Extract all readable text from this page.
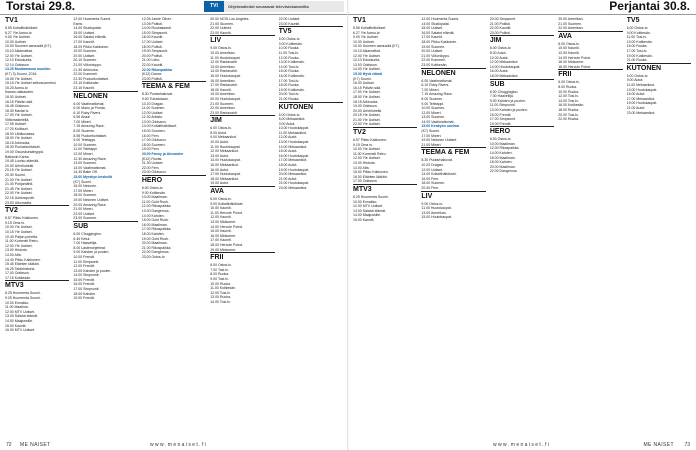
Torstai 29.8.	TVI	Ohjelmatiedot seuraavat televisiokanavilta
TV1
5.55 Kotiaifinäkökset.
6.27 Yle Aamu-tv.
9.00 Yle Uutiset.
10.00 Uutiset.
10.00 Suomen aamusää (KT).
10.10 Aikamatkat.
12.00 Yle Uutiset.
12.10 Eduskunta.
12.14 Oddsson.
13.25 Muutamassa muutkin
(K7) 3) Suomi, 2016.
15.05 Yle Uutiset.
15.15 Yle Uutiset selkosuomeksi.
15.20 Aamu-tv.
Ihanan rakkauden.
16.00 Uutiset.
16.15 Päivän sää.
16.45 Oddsson.
16.30 Martat tv.
17.00 Yle Uutiset.
Viittomakielellä.
17.05 Uutiset.
17.20 Kulttuuri.
18.00 Lähikuvassa.
18.00 Yle Uutiset.
18.15 Arkiruoka.
18.30 Puoluekohtaiset.
19.00 Osuuskuntahyppä.
Balkanin Karsa.
19.45 Luonto-elämää.
20.00 Urheiluhetki.
20.15 Yle Uutiset.
20.30 Suomi.
21.00 Yle Uutiset.
21.30 Pohjantähti.
21.45 Yle Uutiset.
22.00 Yle Uutiset.
22.15 Uutisraportti.
23.00 Ulkomailta.
TV2
6.57 Pikku Kakkonen.
9.15 Oma tv.
10.00 Yle Uutiset.
10.15 Yle Uutiset.
10.40 Paljon puhetta.
11.00 Kummeli Retro.
12.00 Yle Uutiset.
13.00 Historia.
14.00 Alfa.
14.40 Pikku Kakkonen.
15.45 Eläinten lääkäri.
16.25 Taidehistoria.
17.00 Oddsson.
17.15 Kotikesän.
MTV3
6.25 Huomenta Suomi.
9.25 Huomenta Suomi.
10.00 Ennakko.
11.00 Maailma.
12.00 MTV Uutiset.
13.00 Salatut elämät.
14.00 Maajussille.
15.00 Kauniit.
16.00 MTV Uutiset.
12.00 Huomenta Suomi.
Esms.
14.00 Studiopalat.
15.00 Uutiset.
16.00 Salatut elämät.
17.00 Kauniit.
18.00 Pikku Kakkonen.
19.00 Suomen.
20.00 Uutiset.
20.10 Suomen.
21.00 Viikonloppu.
21.30 Arkiruoka.
22.00 Kummeli.
22.30 Puoluekohtaiset.
23.15 Kotikesän.
23.15 Kauniit.
NELONEN
6.00 Vaatimattomat.
6.00 Manu ja Ponda.
6.10 Ruby Rivers.
6.55 Ahaa!
7.00 Mixeri.
7.15 Amazing Race.
8.00 Suomen.
8.55 Puoluekohtaiset.
9.00 Teletappi.
10.00 Suomen.
11.00 Teletappi.
12.00 Mixeri.
12.30 Amazing Race.
13.00 Suomen.
14.00 Vaatimattomat.
14.30 Bake Off.
15.00 Myrskyn keskellä
(K7) Suomi.
16.00 Nelonen.
17.00 Mixeri.
18.00 Suomen.
19.00 Nelonen Uutiset.
20.00 Amazing Race.
21.00 Mixeri.
22.00 Uutiset.
23.00 Suomen.
SUB
6.00 Chuggington.
6.40 Ketut.
7.00 Haaveilija.
8.00 Lastenohjelmat.
9.00 Kahden ja puolen.
10.00 Frendit.
11.00 Simpsonit.
12.00 Frendit.
13.00 Kahden ja puolen.
14.00 Simpsonit.
15.00 Frendit.
16.00 Frendit.
17.00 Simpsonit.
18.00 Kahden.
19.00 Frendit.
12.05 Jamie Oliver.
13.05 Poliisit.
14.00 Ruokakassit.
15.00 Simpsonit.
16.00 Kauniit.
17.00 Uutiset.
18.00 Poliisit.
19.00 Simpsonit.
20.00 Poliisit.
21.00 Lebo.
22.00 Kauniit.
22.00 Rikospaikka
(K12) Dance.
23.00 Poliisit.
TEEMA & FEM
8.30 Puutarhakuvat.
9.00 Tutustutaan.
10.20 Dragan.
11.00 Suomen.
12.00 Uutiset.
12.30 Arkisto.
13.00 Oddsson.
14.00 Kotiaifinäkökset.
15.00 Suomen.
16.00 Fem.
17.00 Oddsson.
18.00 Suomen.
19.00 Fem.
20.00 Fanny ja Alexander
(K12) Ruotsi.
21.30 Uutiset.
22.00 Fem.
23.00 Oddsson.
HERO
6.00 Ostos-tv.
9.00 Kotikesän.
10.00 Maailman.
11.00 Gold Rush.
12.00 Rikospaikka.
13.00 Dangerous.
14.00 Kahden.
15.00 Gold Rush.
16.00 Maailman.
17.00 Rikospaikka.
18.00 Kahden.
19.00 Gold Rush.
20.00 Maailman.
21.00 Rikospaikka.
22.00 Dangerous.
23.00 Ostos-tv.
20.00 NCIS Los Angeles.
21.00 Suomen.
22.00 Uutiset.
23.00 Kauniit.
LIV
9.00 Ostos-tv.
10.00 Amerikan.
11.00 Huutokaupat.
12.00 Rantavahti.
13.00 Amerikan.
14.00 Rantavahti.
15.00 Huutokaupat.
16.00 Amerikan.
17.00 Rantavahti.
18.00 Kauniit.
19.00 Amerikan.
20.00 Huutokaupat.
21.00 Suomen.
22.00 Amerikan.
23.00 Rantavahti.
JIM
6.00 Ostos-tv.
8.00 Autot.
9.00 Mekaanikot.
10.00 Autot.
11.00 Huutokaupat.
12.00 Mekaanikot.
13.00 Autot.
14.00 Huutokaupat.
15.00 Mekaanikot.
16.00 Autot.
17.00 Huutokaupat.
18.00 Mekaanikot.
19.00 Autot.
AVA
6.00 Ostos-tv.
9.00 Kotiaifinäkökset.
10.00 Kauniit.
11.00 Hercule Poirot.
12.00 Kauniit.
13.00 Midsomer.
14.00 Hercule Poirot.
15.00 Kauniit.
16.00 Midsomer.
17.00 Kauniit.
18.00 Hercule Poirot.
19.00 Midsomer.
FRII
6.00 Ostos-tv.
7.00 Tosi-tv.
8.00 Ruoka.
9.00 Tosi-tv.
10.00 Ruoka.
11.00 Kotikesän.
12.00 Tosi-tv.
13.00 Ruoka.
14.00 Tosi-tv.
22.00 Uutiset.
23.00 Kauniit.
TV5
6.00 Ostos-tv.
9.00 Kotikesän.
10.00 Ruoka.
11.00 Tosi-tv.
12.00 Ruoka.
13.00 Kotikesän.
14.00 Tosi-tv.
15.00 Ruoka.
16.00 Kotikesän.
17.00 Tosi-tv.
18.00 Ruoka.
19.00 Kotikesän.
20.00 Tosi-tv.
21.00 Ruoka.
KUTONEN
6.00 Ostos-tv.
8.00 Mekaanikot.
9.00 Autot.
10.00 Huutokaupat.
11.00 Mekaanikot.
12.00 Autot.
13.00 Huutokaupat.
14.00 Mekaanikot.
15.00 Autot.
16.00 Huutokaupat.
17.00 Mekaanikot.
18.00 Autot.
19.00 Huutokaupat.
20.00 Mekaanikot.
21.00 Autot.
22.00 Huutokaupat.
23.00 Mekaanikot.
72 ME NAISET	w w w . m e n a i s e t . f i
Perjantai 30.8.
TV1
5.55 Kotiaifinäkökset.
6.27 Yle Aamu-tv.
9.00 Yle Uutiset.
10.00 Uutiset.
10.00 Suomen aamusää (KT).
10.10 Aikamatkat.
12.00 Yle Uutiset.
12.10 Eduskunta.
13.00 Oddsson.
14.00 Yle Uutiset.
15.00 Hyvä elämä
(K7) Suomi.
16.00 Uutiset.
16.15 Päivän sää.
17.00 Yle Uutiset.
18.00 Yle Uutiset.
18.15 Arkiruoka.
19.00 Oddsson.
20.00 Urheiluhetki.
20.15 Yle Uutiset.
21.00 Yle Uutiset.
22.00 Yle Uutiset.
TV2
6.57 Pikku Kakkonen.
9.15 Oma tv.
10.00 Yle Uutiset.
11.00 Kummeli Retro.
12.00 Yle Uutiset.
13.00 Historia.
14.00 Alfa.
15.00 Pikku Kakkonen.
16.00 Eläinten lääkäri.
17.00 Oddsson.
MTV3
6.25 Huomenta Suomi.
10.00 Ennakko.
12.00 MTV Uutiset.
13.00 Salatut elämät.
14.00 Maajussille.
15.00 Kauniit.
12.00 Huomenta Suomi.
14.00 Studiopalat.
15.00 Uutiset.
16.00 Salatut elämät.
17.00 Kauniit.
18.00 Pikku Kakkonen.
19.00 Suomen.
20.00 Uutiset.
21.00 Viikonloppu.
22.00 Kummeli.
23.00 Kotikesän.
NELONEN
6.00 Vaatimattomat.
6.10 Ruby Rivers.
7.00 Mixeri.
7.15 Amazing Race.
8.00 Suomen.
9.00 Teletappi.
10.00 Suomen.
12.00 Mixeri.
13.00 Suomen.
14.00 Vaatimattomat.
15.00 Kesäyön unelma
(K7) Suomi.
17.00 Mixeri.
19.00 Nelonen Uutiset.
21.00 Mixeri.
TEEMA & FEM
8.30 Puutarhakuvat.
10.20 Dragan.
12.00 Uutiset.
14.00 Kotiaifinäkökset.
16.00 Fem.
18.00 Suomen.
20.00 Fem.
LIV
9.00 Ostos-tv.
11.00 Huutokaupat.
13.00 Amerikan.
15.00 Huutokaupat.
20.00 Simpsonit.
21.00 Poliisit.
22.00 Kauniit.
23.00 Poliisit.
JIM
6.00 Ostos-tv.
8.00 Autot.
10.00 Autot.
12.00 Mekaanikot.
14.00 Huutokaupat.
16.00 Autot.
18.00 Mekaanikot.
SUB
6.00 Chuggington.
7.00 Haaveilija.
9.00 Kahden ja puolen.
11.00 Simpsonit.
13.00 Kahden ja puolen.
15.00 Frendit.
17.00 Simpsonit.
19.00 Frendit.
HERO
6.00 Ostos-tv.
10.00 Maailman.
12.00 Rikospaikka.
14.00 Kahden.
16.00 Maailman.
18.00 Kahden.
20.00 Maailman.
22.00 Dangerous.
20.00 Amerikan.
21.00 Suomen.
22.00 Amerikan.
AVA
6.00 Ostos-tv.
10.00 Kauniit.
12.00 Kauniit.
14.00 Hercule Poirot.
16.00 Midsomer.
18.00 Hercule Poirot.
FRII
6.00 Ostos-tv.
8.00 Ruoka.
10.00 Ruoka.
12.00 Tosi-tv.
14.00 Tosi-tv.
16.00 Kotikesän.
18.00 Ruoka.
20.00 Tosi-tv.
22.00 Ruoka.
TV5
6.00 Ostos-tv.
9.00 Kotikesän.
11.00 Tosi-tv.
13.00 Kotikesän.
15.00 Ruoka.
17.00 Tosi-tv.
19.00 Kotikesän.
21.00 Ruoka.
KUTONEN
6.00 Ostos-tv.
9.00 Autot.
11.00 Mekaanikot.
13.00 Huutokaupat.
15.00 Autot.
17.00 Mekaanikot.
19.00 Huutokaupat.
21.00 Autot.
23.00 Mekaanikot.
w w w . m e n a i s e t . f i	ME NAISET 73
